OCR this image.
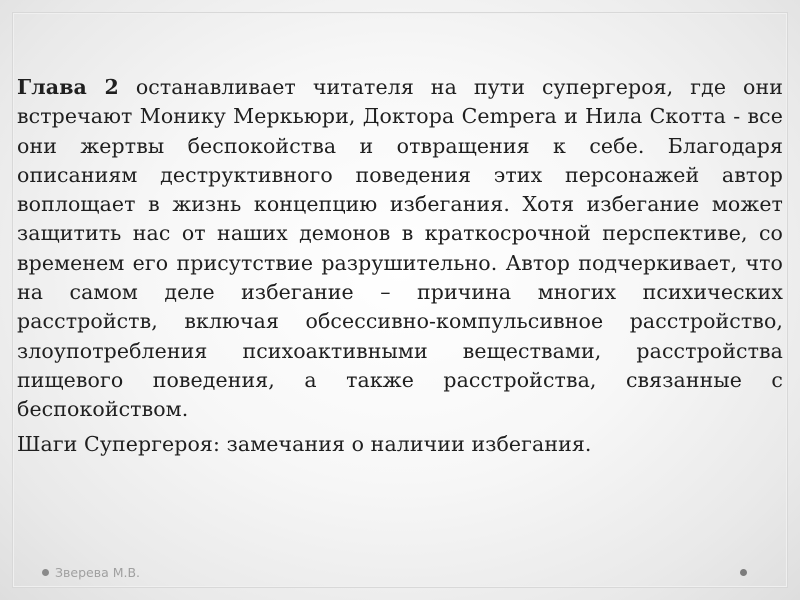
Глава 2 останавливает читателя на пути супергероя, где они встречают Монику Меркьюри, Доктора Сempera и Нила Скотта - все они жертвы беспокойства и отвращения к себе. Благодаря описаниям деструктивного поведения этих персонажей автор воплощает в жизнь концепцию избегания. Хотя избегание может защитить нас от наших демонов в краткосрочной перспективе, со временем его присутствие разрушительно. Автор подчеркивает, что на самом деле избегание – причина многих психических расстройств, включая обсессивно-компульсивное расстройство, злоупотребления психоактивными веществами, расстройства пищевого поведения, а также расстройства, связанные с беспокойством.

Шаги Супергероя: замечания о наличии избегания.

Зверева М.В.
